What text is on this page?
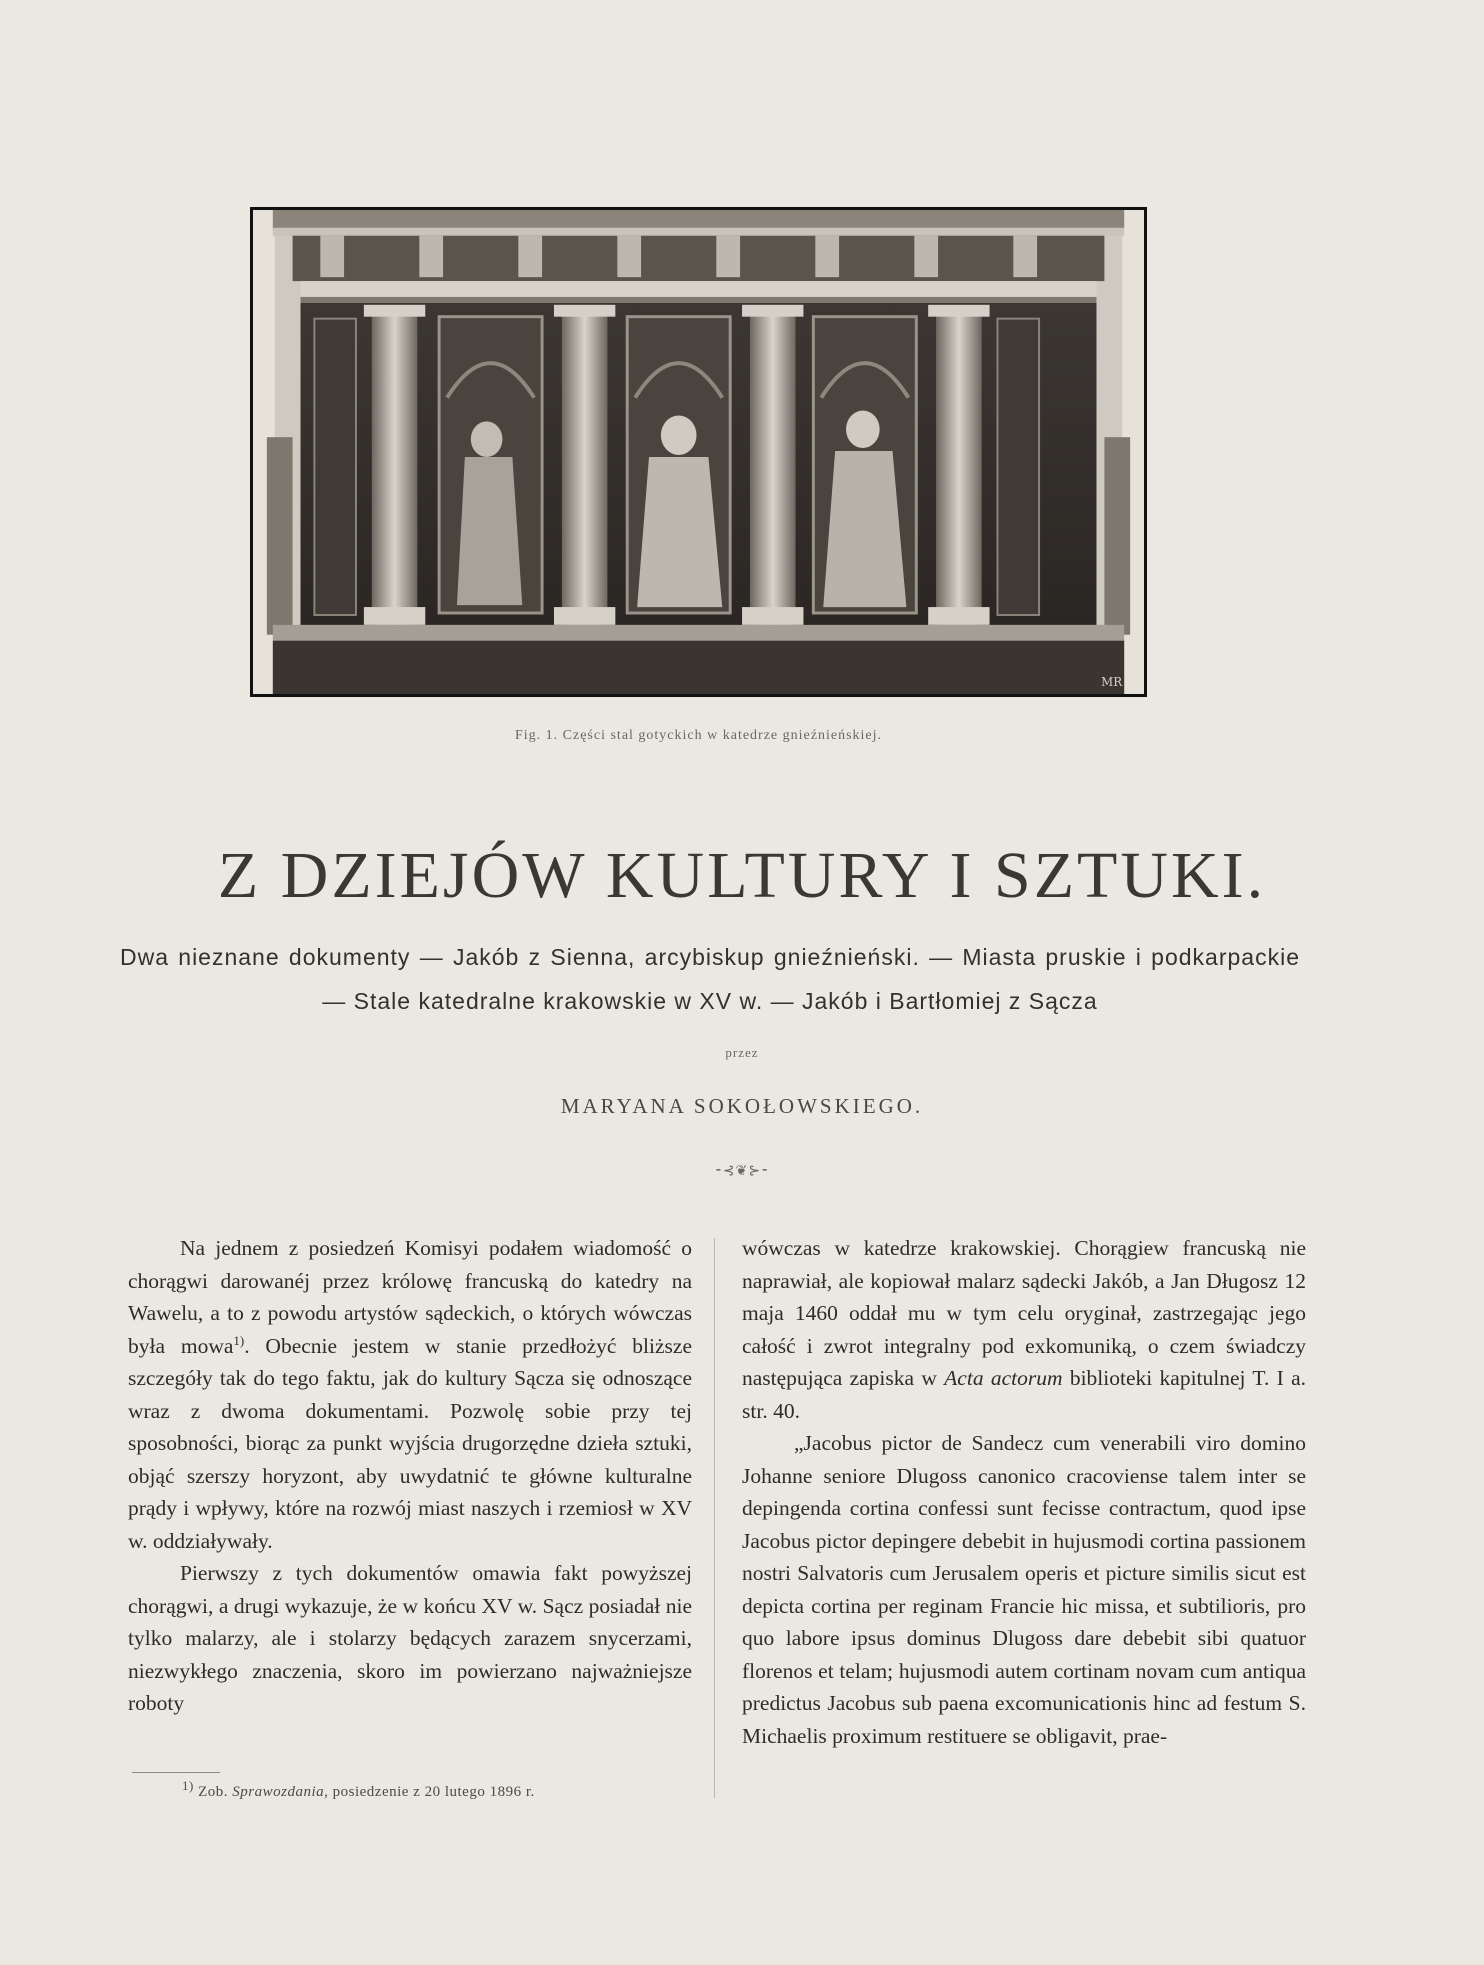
MR
Fig. 1. Części stal gotyckich w katedrze gnieźnieńskiej.
Z DZIEJÓW KULTURY I SZTUKI.
Dwa nieznane dokumenty — Jakób z Sienna, arcybiskup gnieźnieński. — Miasta pruskie i podkarpackie — Stale katedralne krakowskie w XV w. — Jakób i Bartłomiej z Sącza
przez
MARYANA SOKOŁOWSKIEGO.
⁃⊰❦⊱⁃

Na jednem z posiedzeń Komisyi podałem wiadomość o chorągwi darowanéj przez królowę francuską do katedry na Wawelu, a to z powodu artystów sądeckich, o których wówczas była mowa$^{1)}$. Obecnie jestem w stanie przedłożyć bliższe szczegóły tak do tego faktu, jak do kultury Sącza się odnoszące wraz z dwoma dokumentami. Pozwolę sobie przy tej sposobności, biorąc za punkt wyjścia drugorzędne dzieła sztuki, objąć szerszy horyzont, aby uwydatnić te główne kulturalne prądy i wpływy, które na rozwój miast naszych i rzemiosł w XV w. oddziaływały.

Pierwszy z tych dokumentów omawia fakt powyższej chorągwi, a drugi wykazuje, że w końcu XV w. Sącz posiadał nie tylko malarzy, ale i stolarzy będących zarazem snycerzami, niezwykłego znaczenia, skoro im powierzano najważniejsze roboty

wówczas w katedrze krakowskiej. Chorągiew francuską nie naprawiał, ale kopiował malarz sądecki Jakób, a Jan Długosz 12 maja 1460 oddał mu w tym celu oryginał, zastrzegając jego całość i zwrot integralny pod exkomuniką, o czem świadczy następująca zapiska w Acta actorum biblioteki kapitulnej T. I a. str. 40.

„Jacobus pictor de Sandecz cum venerabili viro domino Johanne seniore Dlugoss canonico cracoviense talem inter se depingenda cortina confessi sunt fecisse contractum, quod ipse Jacobus pictor depingere debebit in hujusmodi cortina passionem nostri Salvatoris cum Jerusalem operis et picture similis sicut est depicta cortina per reginam Francie hic missa, et subtilioris, pro quo labore ipsus dominus Dlugoss dare debebit sibi quatuor florenos et telam; hujusmodi autem cortinam novam cum antiqua predictus Jacobus sub paena excomunicationis hinc ad festum S. Michaelis proximum restituere se obligavit, prae-

1) Zob. Sprawozdania, posiedzenie z 20 lutego 1896 r.
